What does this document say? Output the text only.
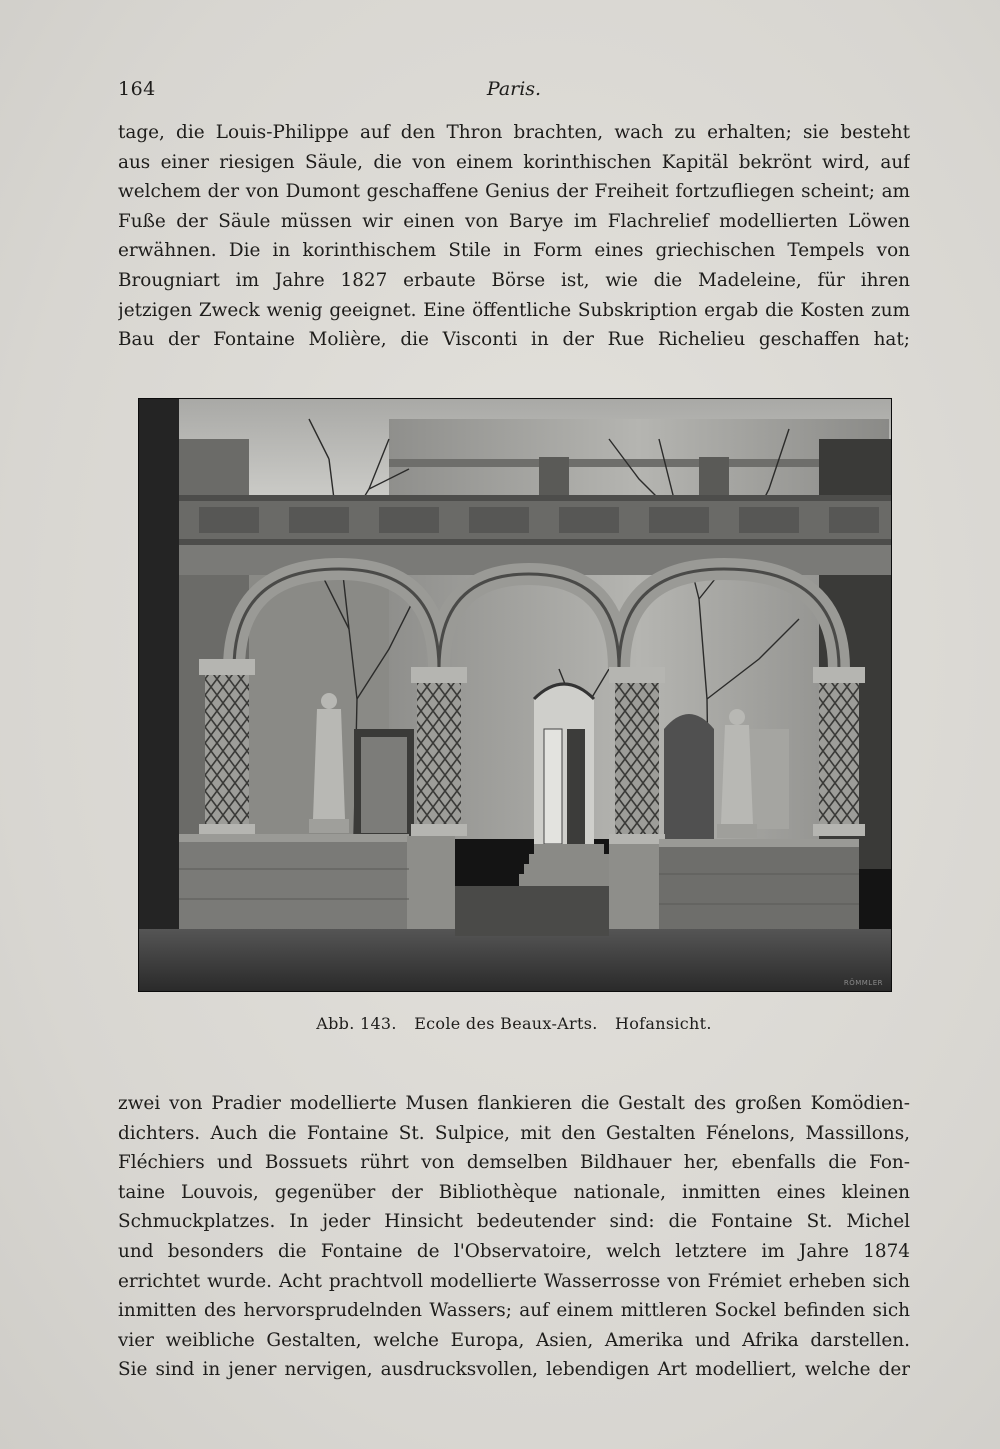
164	Paris.
tage, die Louis-Philippe auf den Thron brachten, wach zu erhalten; sie besteht
aus einer riesigen Säule, die von einem korinthischen Kapitäl bekrönt wird, auf
welchem der von Dumont geschaffene Genius der Freiheit fortzufliegen scheint; am
Fuße der Säule müssen wir einen von Barye im Flachrelief modellierten Löwen
erwähnen. Die in korinthischem Stile in Form eines griechischen Tempels von
Brougniart im Jahre 1827 erbaute Börse ist, wie die Madeleine, für ihren
jetzigen Zweck wenig geeignet. Eine öffentliche Subskription ergab die Kosten zum
Bau der Fontaine Molière, die Visconti in der Rue Richelieu geschaffen hat;
RÖMMLER
Abb. 143. Ecole des Beaux-Arts. Hofansicht.
zwei von Pradier modellierte Musen flankieren die Gestalt des großen Komödien-
dichters. Auch die Fontaine St. Sulpice, mit den Gestalten Fénelons, Massillons,
Fléchiers und Bossuets rührt von demselben Bildhauer her, ebenfalls die Fon-
taine Louvois, gegenüber der Bibliothèque nationale, inmitten eines kleinen
Schmuckplatzes. In jeder Hinsicht bedeutender sind: die Fontaine St. Michel
und besonders die Fontaine de l'Observatoire, welch letztere im Jahre 1874
errichtet wurde. Acht prachtvoll modellierte Wasserrosse von Frémiet erheben sich
inmitten des hervorsprudelnden Wassers; auf einem mittleren Sockel befinden sich
vier weibliche Gestalten, welche Europa, Asien, Amerika und Afrika darstellen.
Sie sind in jener nervigen, ausdrucksvollen, lebendigen Art modelliert, welche der
